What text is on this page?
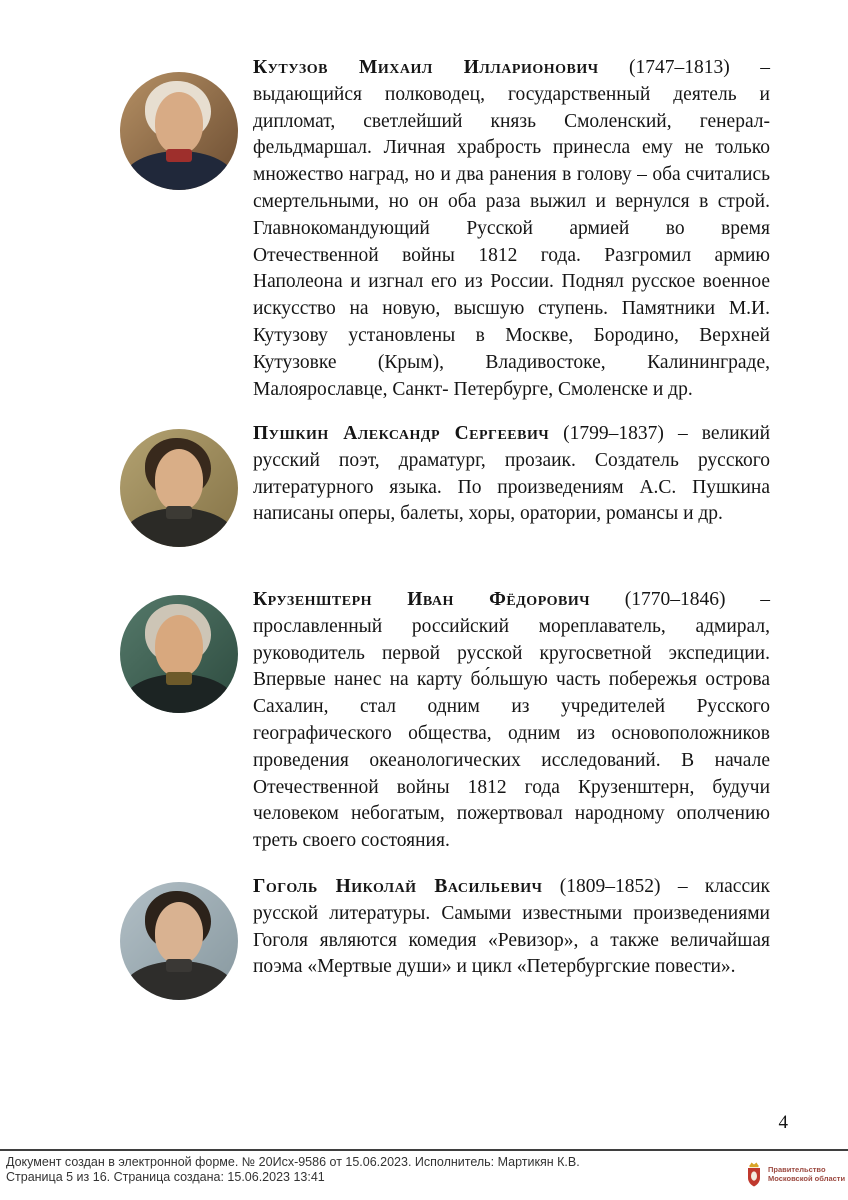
Кутузов Михаил Илларионович (1747–1813) – выдающийся полководец, государственный деятель и дипломат, светлейший князь Смоленский, генерал-фельдмаршал. Личная храбрость принесла ему не только множество наград, но и два ранения в голову – оба считались смертельными, но он оба раза выжил и вернулся в строй. Главнокомандующий Русской армией во время Отечественной войны 1812 года. Разгромил армию Наполеона и изгнал его из России. Поднял русское военное искусство на новую, высшую ступень. Памятники М.И. Кутузову установлены в Москве, Бородино, Верхней Кутузовке (Крым), Владивостоке, Калининграде, Малоярославце, Санкт- Петербурге, Смоленске и др.

Пушкин Александр Сергеевич (1799–1837) – великий русский поэт, драматург, прозаик. Создатель русского литературного языка. По произведениям А.С. Пушкина написаны оперы, балеты, хоры, оратории, романсы и др.

Крузенштерн Иван Фёдорович (1770–1846) – прославленный российский мореплаватель, адмирал, руководитель первой русской кругосветной экспедиции. Впервые нанес на карту бо́льшую часть побережья острова Сахалин, стал одним из учредителей Русского географического общества, одним из основоположников проведения океанологических исследований. В начале Отечественной войны 1812 года Крузенштерн, будучи человеком небогатым, пожертвовал народному ополчению треть своего состояния.

Гоголь Николай Васильевич (1809–1852) – классик русской литературы. Самыми известными произведениями Гоголя являются комедия «Ревизор», а также величайшая поэма «Мертвые души» и цикл «Петербургские повести».

4
Документ создан в электронной форме. № 20Исх-9586 от 15.06.2023. Исполнитель: Мартикян К.В.
Страница 5 из 16. Страница создана: 15.06.2023 13:41	Правительство
Московской области
